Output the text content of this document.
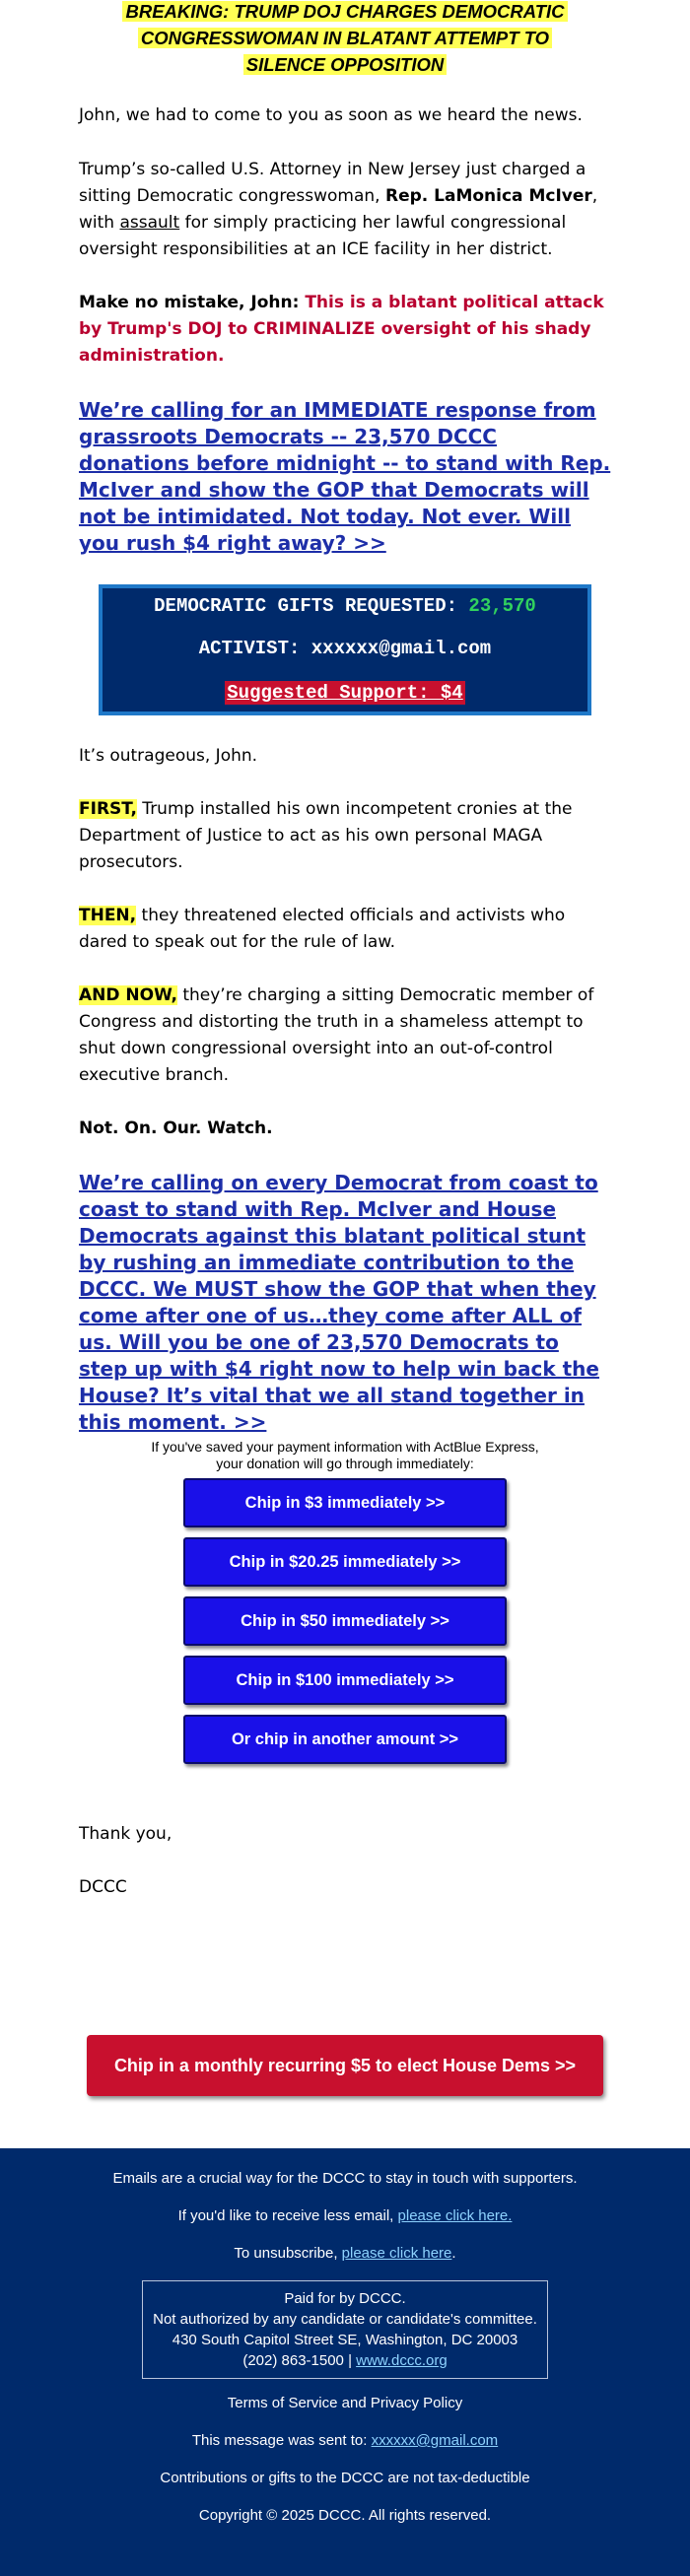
BREAKING: TRUMP DOJ CHARGES DEMOCRATIC CONGRESSWOMAN IN BLATANT ATTEMPT TO SILENCE OPPOSITION

John, we had to come to you as soon as we heard the news.

Trump’s so-called U.S. Attorney in New Jersey just charged a sitting Democratic congresswoman, Rep. LaMonica McIver, with assault for simply practicing her lawful congressional oversight responsibilities at an ICE facility in her district.

Make no mistake, John: This is a blatant political attack by Trump's DOJ to CRIMINALIZE oversight of his shady administration.

We’re calling for an IMMEDIATE response from grassroots Democrats -- 23,570 DCCC donations before midnight -- to stand with Rep. McIver and show the GOP that Democrats will not be intimidated. Not today. Not ever. Will you rush $4 right away? >>

DEMOCRATIC GIFTS REQUESTED: 23,570
ACTIVIST: xxxxxx@gmail.com
Suggested Support: $4

It’s outrageous, John.

FIRST, Trump installed his own incompetent cronies at the Department of Justice to act as his own personal MAGA prosecutors.

THEN, they threatened elected officials and activists who dared to speak out for the rule of law.

AND NOW, they’re charging a sitting Democratic member of Congress and distorting the truth in a shameless attempt to shut down congressional oversight into an out-of-control executive branch.

Not. On. Our. Watch.

We’re calling on every Democrat from coast to coast to stand with Rep. McIver and House Democrats against this blatant political stunt by rushing an immediate contribution to the DCCC. We MUST show the GOP that when they come after one of us…they come after ALL of us. Will you be one of 23,570 Democrats to step up with $4 right now to help win back the House? It’s vital that we all stand together in this moment. >>

If you've saved your payment information with ActBlue Express,
your donation will go through immediately:
Chip in $3 immediately >>
Chip in $20.25 immediately >>
Chip in $50 immediately >>
Chip in $100 immediately >>
Or chip in another amount >>

Thank you,

DCCC

Chip in a monthly recurring $5 to elect House Dems >>
Emails are a crucial way for the DCCC to stay in touch with supporters.
If you'd like to receive less email, please click here.
To unsubscribe, please click here.
Paid for by DCCC.
Not authorized by any candidate or candidate's committee.
430 South Capitol Street SE, Washington, DC 20003
(202) 863-1500 | www.dccc.org
Terms of Service and Privacy Policy
This message was sent to: xxxxxx@gmail.com
Contributions or gifts to the DCCC are not tax-deductible
Copyright © 2025 DCCC. All rights reserved.
